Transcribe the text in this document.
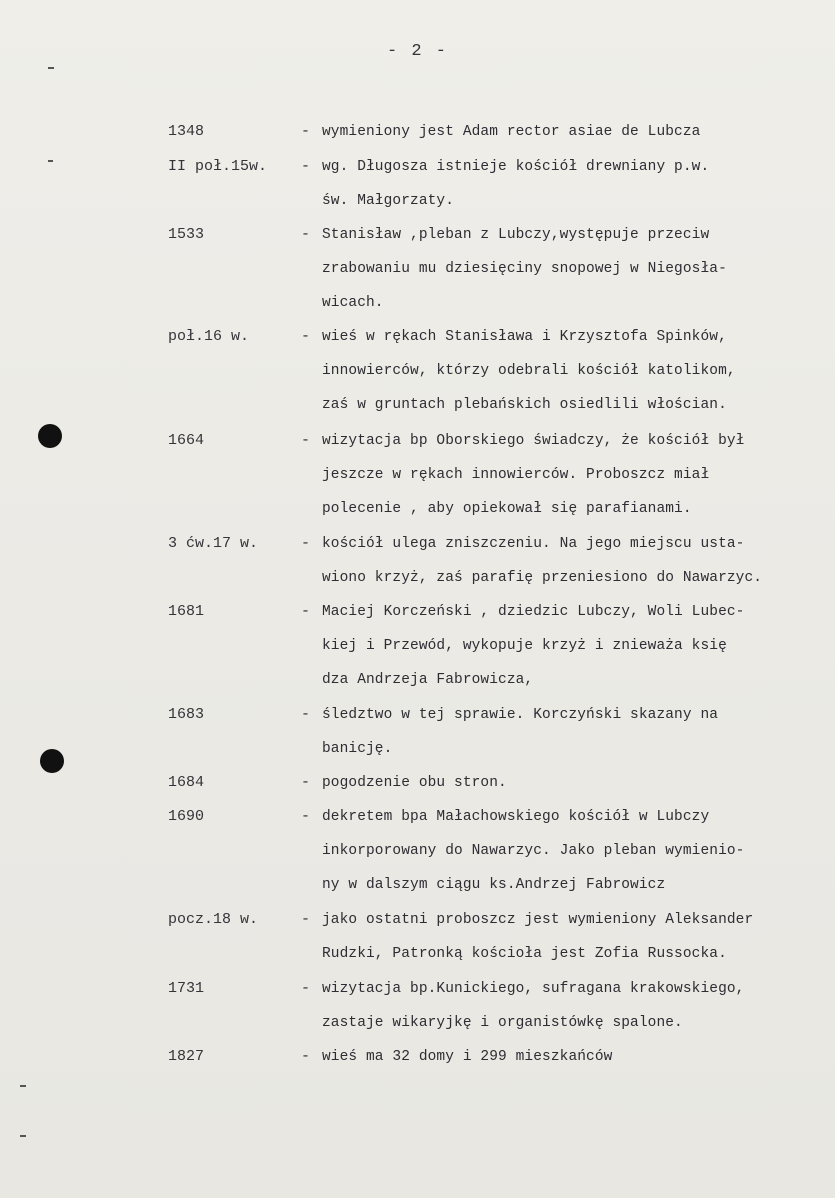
- 2 -
1348	- wymieniony jest Adam rector asiae de Lubcza
II poł.15w.	- wg. Długosza istnieje kościół drewniany p.w.
św. Małgorzaty.
1533	- Stanisław ,pleban z Lubczy,występuje przeciw
zrabowaniu mu dziesięciny snopowej w Niegosła-
wicach.
poł.16 w.	- wieś w rękach Stanisława i Krzysztofa Spinków,
innowierców, którzy odebrali kościół katolikom,
zaś w gruntach plebańskich osiedlili włościan.
1664	- wizytacja bp Oborskiego świadczy, że kościół był
jeszcze w rękach innowierców. Proboszcz miał
polecenie , aby opiekował się parafianami.
3 ćw.17 w.	- kościół ulega zniszczeniu. Na jego miejscu usta-
wiono krzyż, zaś parafię przeniesiono do Nawarzyc.
1681	- Maciej Korczeński , dziedzic Lubczy, Woli Lubec-
kiej i Przewód, wykopuje krzyż i znieważa księ
dza Andrzeja Fabrowicza,
1683	- śledztwo w tej sprawie. Korczyński skazany na
banicję.
1684	- pogodzenie obu stron.
1690	- dekretem bpa Małachowskiego kościół w Lubczy
inkorporowany do Nawarzyc. Jako pleban wymienio-
ny w dalszym ciągu ks.Andrzej Fabrowicz
pocz.18 w.	- jako ostatni proboszcz jest wymieniony Aleksander
Rudzki, Patronką kościoła jest Zofia Russocka.
1731	- wizytacja bp.Kunickiego, sufragana krakowskiego,
zastaje wikaryjkę i organistówkę spalone.
1827	- wieś ma 32 domy i 299 mieszkańców
